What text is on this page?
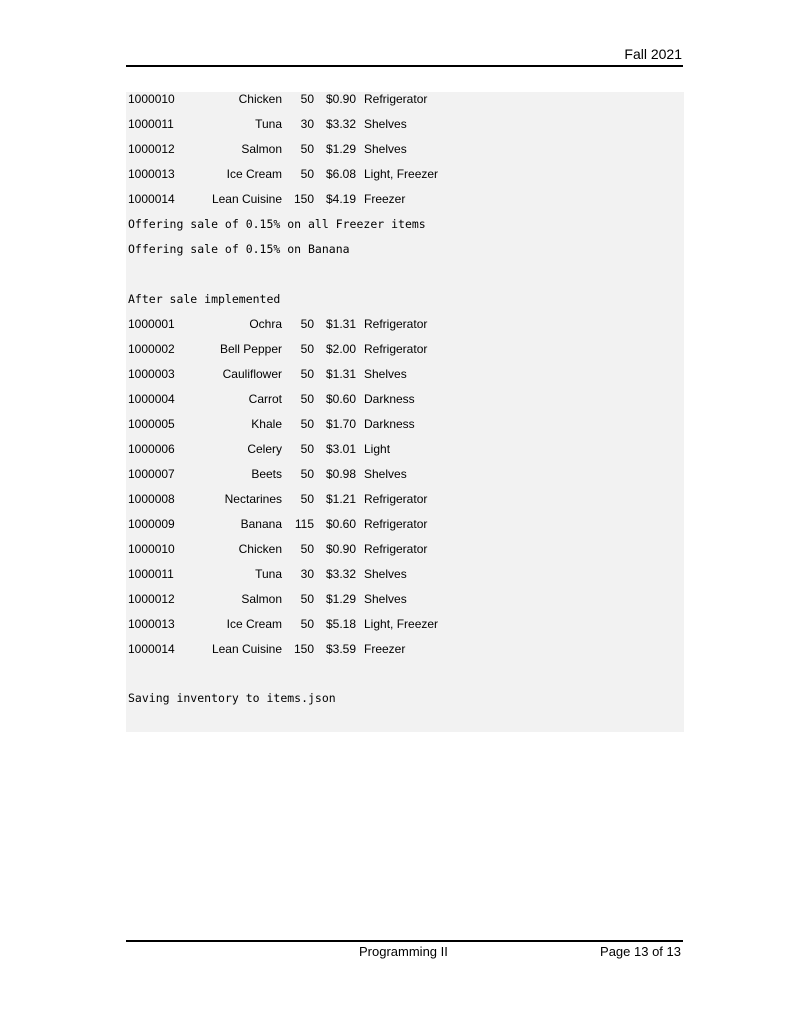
Fall 2021
1000010	Chicken 50 $0.90 Refrigerator
1000011	Tuna 30 $3.32 Shelves
1000012	Salmon 50 $1.29 Shelves
1000013	Ice Cream 50 $6.08 Light, Freezer
1000014	Lean Cuisine 150 $4.19 Freezer
Offering sale of 0.15% on all Freezer items
Offering sale of 0.15% on Banana
After sale implemented
1000001	Ochra 50 $1.31 Refrigerator
1000002	Bell Pepper 50 $2.00 Refrigerator
1000003	Cauliflower 50 $1.31 Shelves
1000004	Carrot 50 $0.60 Darkness
1000005	Khale 50 $1.70 Darkness
1000006	Celery 50 $3.01 Light
1000007	Beets 50 $0.98 Shelves
1000008	Nectarines 50 $1.21 Refrigerator
1000009	Banana 115 $0.60 Refrigerator
1000010	Chicken 50 $0.90 Refrigerator
1000011	Tuna 30 $3.32 Shelves
1000012	Salmon 50 $1.29 Shelves
1000013	Ice Cream 50 $5.18 Light, Freezer
1000014	Lean Cuisine 150 $3.59 Freezer
Saving inventory to items.json
Programming II	Page 13 of 13
